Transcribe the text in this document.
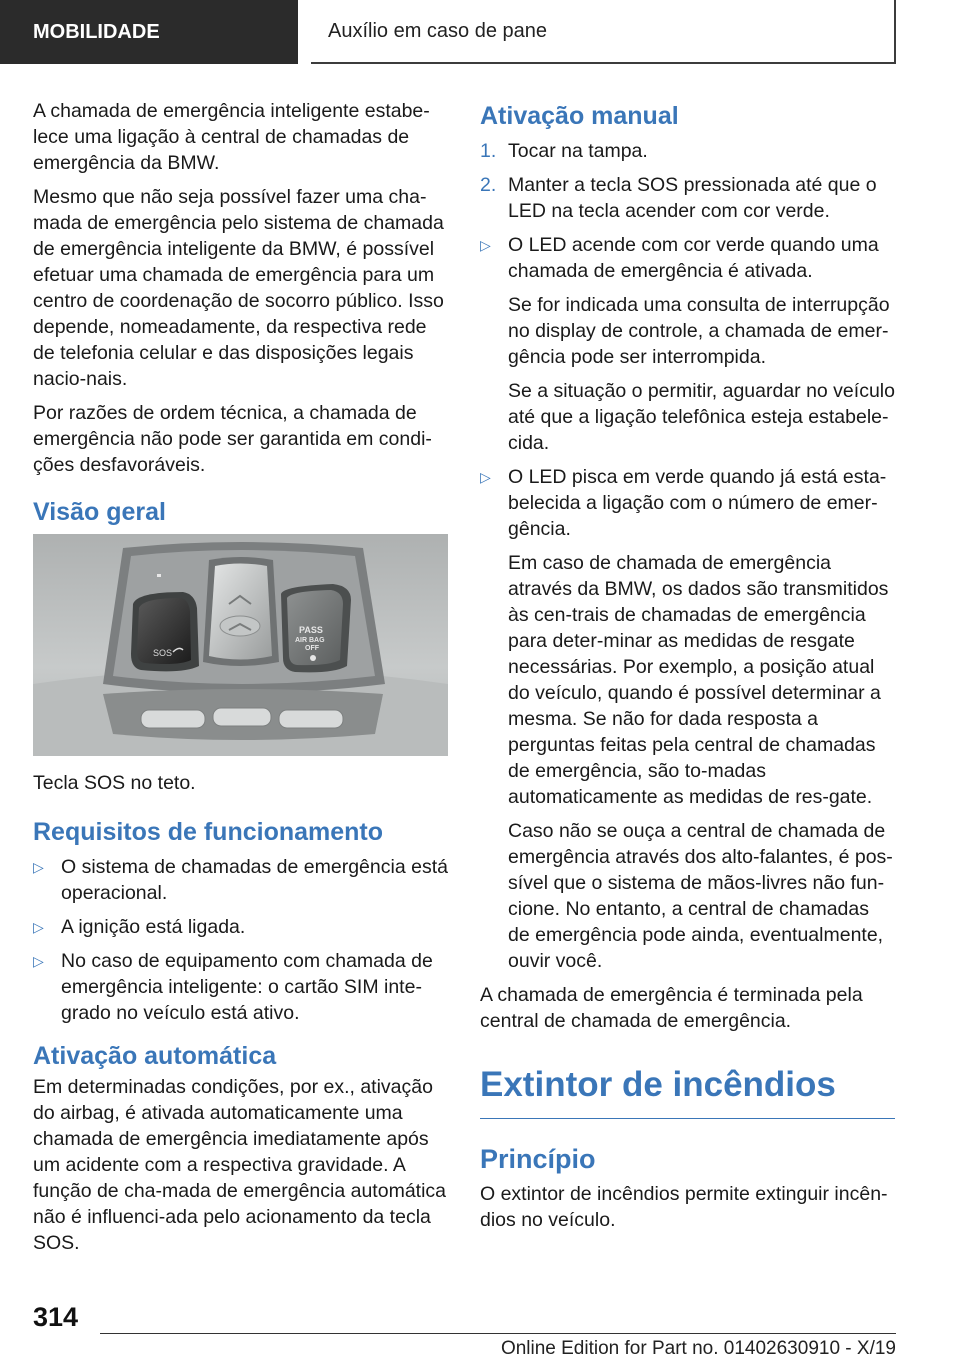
MOBILIDADE	Auxílio em caso de pane

A chamada de emergência inteligente estabe-lece uma ligação à central de chamadas de emergência da BMW.

Mesmo que não seja possível fazer uma cha-mada de emergência pelo sistema de chamada de emergência inteligente da BMW, é possível efetuar uma chamada de emergência para um centro de coordenação de socorro público. Isso depende, nomeadamente, da respectiva rede de telefonia celular e das disposições legais nacio-nais.

Por razões de ordem técnica, a chamada de emergência não pode ser garantida em condi-ções desfavoráveis.

Visão geral
SOS
PASS
AIR BAG
OFF

Tecla SOS no teto.

Requisitos de funcionamento
▷ O sistema de chamadas de emergência está operacional.
▷ A ignição está ligada.
▷ No caso de equipamento com chamada de emergência inteligente: o cartão SIM inte-grado no veículo está ativo.
Ativação automática

Em determinadas condições, por ex., ativação do airbag, é ativada automaticamente uma chamada de emergência imediatamente após um acidente com a respectiva gravidade. A função de cha-mada de emergência automática não é influenci-ada pelo acionamento da tecla SOS.

Ativação manual
1. Tocar na tampa.
2. Manter a tecla SOS pressionada até que o LED na tecla acender com cor verde.
▷ O LED acende com cor verde quando uma chamada de emergência é ativada.

Se for indicada uma consulta de interrupção no display de controle, a chamada de emer-gência pode ser interrompida.

Se a situação o permitir, aguardar no veículo até que a ligação telefônica esteja estabele-cida.

▷ O LED pisca em verde quando já está esta-belecida a ligação com o número de emer-gência.

Em caso de chamada de emergência através da BMW, os dados são transmitidos às cen-trais de chamadas de emergência para deter-minar as medidas de resgate necessárias. Por exemplo, a posição atual do veículo, quando é possível determinar a mesma. Se não for dada resposta a perguntas feitas pela central de chamadas de emergência, são to-madas automaticamente as medidas de res-gate.

Caso não se ouça a central de chamada de emergência através dos alto-falantes, é pos-sível que o sistema de mãos-livres não fun-cione. No entanto, a central de chamadas de emergência pode ainda, eventualmente, ouvir você.

A chamada de emergência é terminada pela central de chamada de emergência.

Extintor de incêndios
Princípio

O extintor de incêndios permite extinguir incên-dios no veículo.

314
Online Edition for Part no. 01402630910 - X/19
